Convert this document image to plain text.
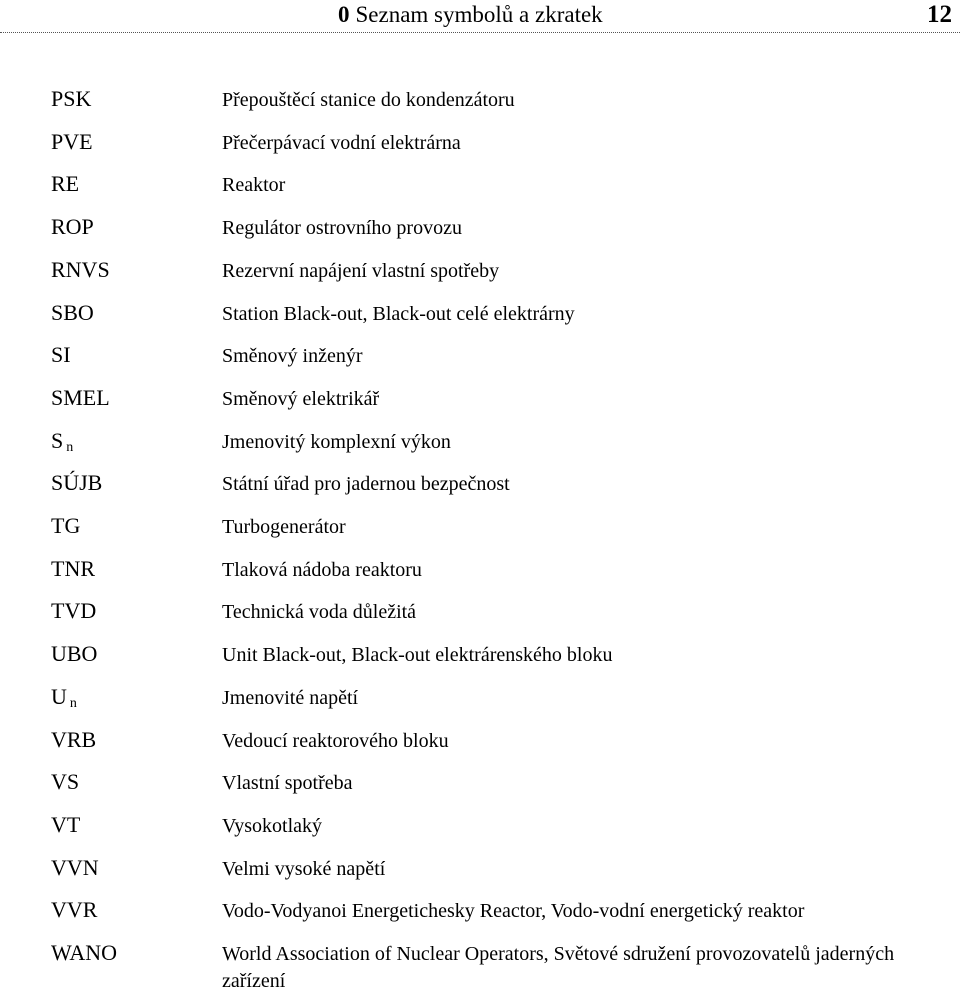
0 Seznam symbolů a zkratek	12
PSK	Přepouštěcí stanice do kondenzátoru
PVE	Přečerpávací vodní elektrárna
RE	Reaktor
ROP	Regulátor ostrovního provozu
RNVS	Rezervní napájení vlastní spotřeby
SBO	Station Black-out, Black-out celé elektrárny
SI	Směnový inženýr
SMEL	Směnový elektrikář
S $_n$	Jmenovitý komplexní výkon
SÚJB	Státní úřad pro jadernou bezpečnost
TG	Turbogenerátor
TNR	Tlaková nádoba reaktoru
TVD	Technická voda důležitá
UBO	Unit Black-out, Black-out elektrárenského bloku
U $_n$	Jmenovité napětí
VRB	Vedoucí reaktorového bloku
VS	Vlastní spotřeba
VT	Vysokotlaký
VVN	Velmi vysoké napětí
VVR	Vodo-Vodyanoi Energetichesky Reactor, Vodo-vodní energetický reaktor
WANO	World Association of Nuclear Operators, Světové sdružení provozovatelů jaderných zařízení
